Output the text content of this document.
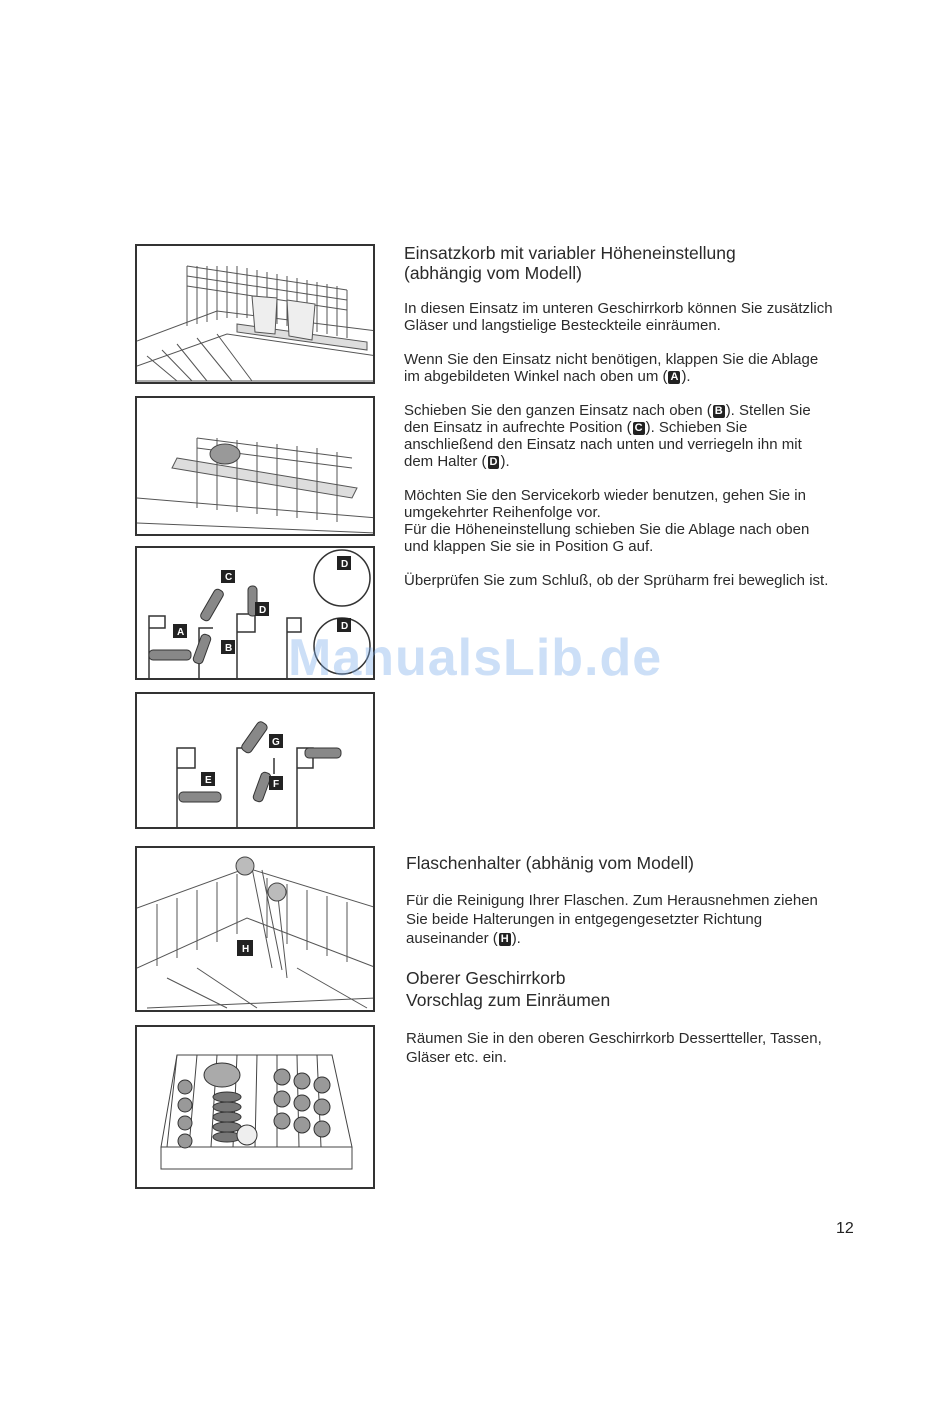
C
A
B
D
D
D
E	F
G
H

Einsatzkorb mit variabler Höheneinstellung

(abhängig vom Modell)

In diesen Einsatz im unteren Geschirrkorb können Sie zusätzlich Gläser und langstielige Besteckteile einräumen.

Wenn Sie den Einsatz nicht benötigen, klappen Sie die Ablage im abgebildeten Winkel nach oben um ( A ).

Schieben Sie den ganzen Einsatz nach oben ( B ). Stellen Sie den Einsatz in aufrechte Position ( C ). Schieben Sie anschließend den Einsatz nach unten und verriegeln ihn mit dem Halter ( D ).

Möchten Sie den Servicekorb wieder benutzen, gehen Sie in umgekehrter Reihenfolge vor.

Für die Höheneinstellung schieben Sie die Ablage nach oben und klappen Sie sie in Position G auf.

Überprüfen Sie zum Schluß, ob der Sprüharm frei beweglich ist.

ManualsLib.de

Flaschenhalter (abhänig vom Modell)

Für die Reinigung Ihrer Flaschen. Zum Herausnehmen ziehen Sie beide Halterungen in entgegengesetzter Richtung auseinander ( H ).

Oberer Geschirrkorb

Vorschlag zum Einräumen

Räumen Sie in den oberen Geschirrkorb Dessertteller, Tassen, Gläser etc. ein.

12
